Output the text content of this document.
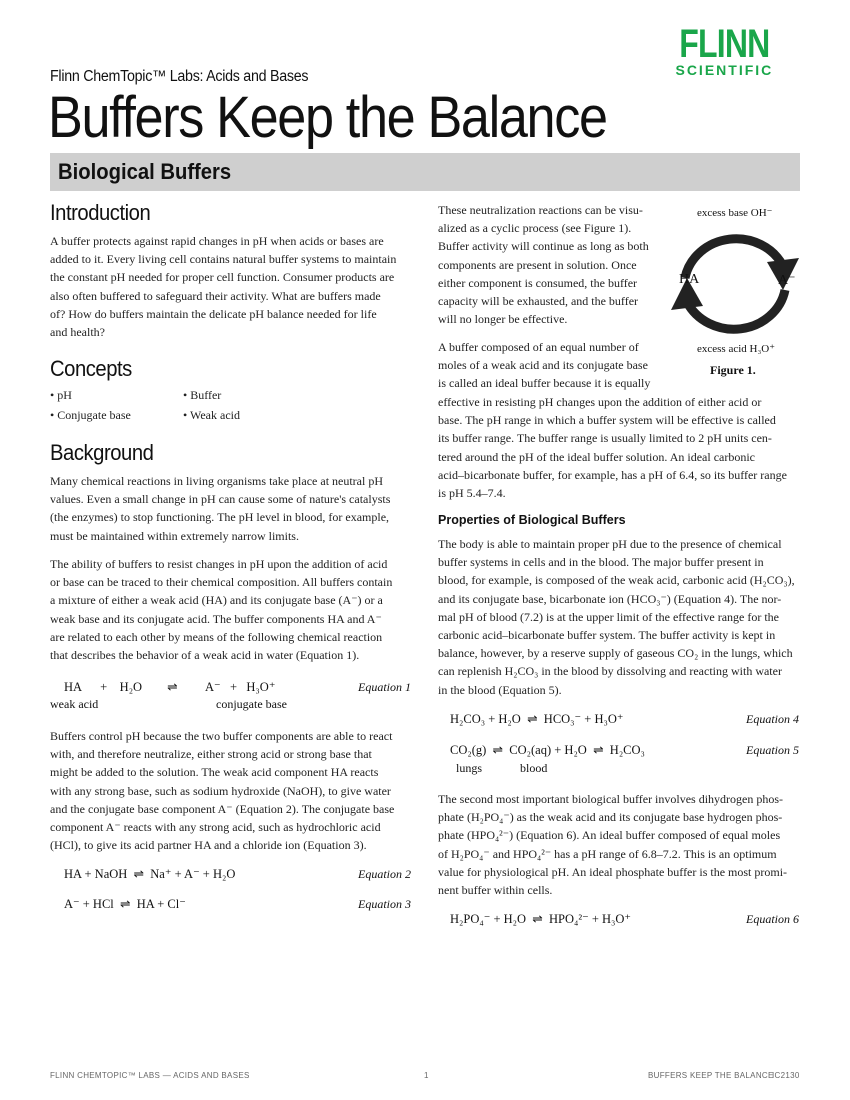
Flinn ChemTopic™ Labs: Acids and Bases
Buffers Keep the Balance
FLINN
SCIENTIFIC
Biological Buffers
Introduction
A buffer protects against rapid changes in pH when acids or bases are
added to it. Every living cell contains natural buffer systems to maintain
the constant pH needed for proper cell function. Consumer products are
also often buffered to safeguard their activity. What are buffers made
of? How do buffers maintain the delicate pH balance needed for life
and health?
Concepts
• pH	• Buffer
• Conjugate base	• Weak acid
Background
Many chemical reactions in living organisms take place at neutral pH
values. Even a small change in pH can cause some of nature's catalysts
(the enzymes) to stop functioning. The pH level in blood, for example,
must be maintained within extremely narrow limits.
The ability of buffers to resist changes in pH upon the addition of acid
or base can be traced to their chemical composition. All buffers contain
a mixture of either a weak acid (HA) and its conjugate base (A⁻) or a
weak base and its conjugate acid. The buffer components HA and A⁻
are related to each other by means of the following chemical reaction
that describes the behavior of a weak acid in water (Equation 1).
HA      +    H₂O        ⇌         A⁻   +   H₃O⁺	Equation 1
weak acid	conjugate base
Buffers control pH because the two buffer components are able to react
with, and therefore neutralize, either strong acid or strong base that
might be added to the solution. The weak acid component HA reacts
with any strong base, such as sodium hydroxide (NaOH), to give water
and the conjugate base component A⁻ (Equation 2). The conjugate base
component A⁻ reacts with any strong acid, such as hydrochloric acid
(HCl), to give its acid partner HA and a chloride ion (Equation 3).
HA + NaOH  ⇌  Na⁺ + A⁻ + H₂O	Equation 2
A⁻ + HCl  ⇌  HA + Cl⁻	Equation 3
These neutralization reactions can be visu-
alized as a cyclic process (see Figure 1).
Buffer activity will continue as long as both
components are present in solution. Once
either component is consumed, the buffer
capacity will be exhausted, and the buffer
will no longer be effective.
A buffer composed of an equal number of
moles of a weak acid and its conjugate base
is called an ideal buffer because it is equally
effective in resisting pH changes upon the addition of either acid or
base. The pH range in which a buffer system will be effective is called
its buffer range. The buffer range is usually limited to 2 pH units cen-
tered around the pH of the ideal buffer solution. An ideal carbonic
acid–bicarbonate buffer, for example, has a pH of 6.4, so its buffer range
is pH 5.4–7.4.
excess base OH⁻
HA	A⁻
excess acid H₃O⁺
Figure 1.
Properties of Biological Buffers
The body is able to maintain proper pH due to the presence of chemical
buffer systems in cells and in the blood. The major buffer present in
blood, for example, is composed of the weak acid, carbonic acid (H₂CO₃),
and its conjugate base, bicarbonate ion (HCO₃⁻) (Equation 4). The nor-
mal pH of blood (7.2) is at the upper limit of the effective range for the
carbonic acid–bicarbonate buffer system. The buffer activity is kept in
balance, however, by a reserve supply of gaseous CO₂ in the lungs, which
can replenish H₂CO₃ in the blood by dissolving and reacting with water
in the blood (Equation 5).
H₂CO₃ + H₂O  ⇌  HCO₃⁻ + H₃O⁺	Equation 4
CO₂(g)  ⇌  CO₂(aq) + H₂O  ⇌  H₂CO₃	Equation 5
lungs	blood
The second most important biological buffer involves dihydrogen phos-
phate (H₂PO₄⁻) as the weak acid and its conjugate base hydrogen phos-
phate (HPO₄²⁻) (Equation 6). An ideal buffer composed of equal moles
of H₂PO₄⁻ and HPO₄²⁻ has a pH range of 6.8–7.2. This is an optimum
value for physiological pH. An ideal phosphate buffer is the most promi-
nent buffer within cells.
H₂PO₄⁻ + H₂O  ⇌  HPO₄²⁻ + H₃O⁺	Equation 6
FLINN CHEMTOPIC™ LABS — ACIDS AND BASES	1	BUFFERS KEEP THE BALANCE
IC2130
